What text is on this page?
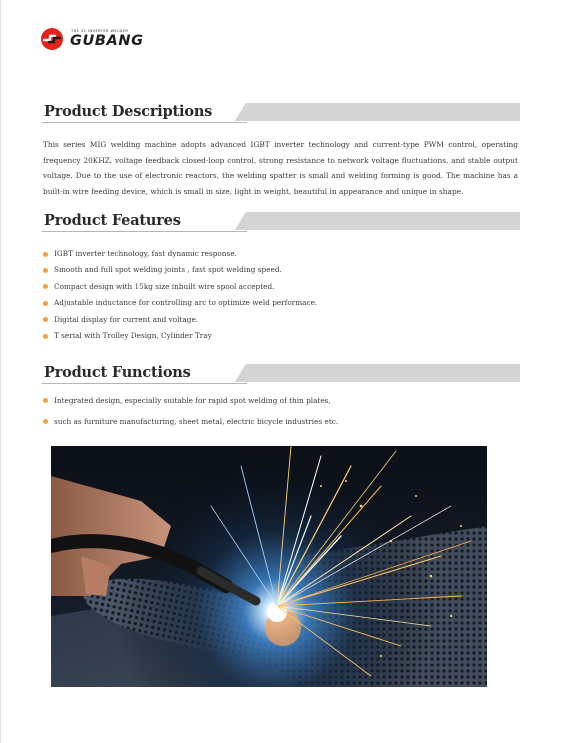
THE 3C INVERTER WELDER
GUBANG
Product Descriptions

This series MIG welding machine adopts advanced IGBT inverter technology and current-type PWM control, operating frequency 20KHZ, voltage feedback closed-loop control, strong resistance to network voltage fluctuations, and stable output voltage. Due to the use of electronic reactors, the welding spatter is small and welding forming is good. The machine has a built-in wire feeding device, which is small in size, light in weight, beautiful in appearance and unique in shape.

Product Features
IGBT inverter technology, fast dynamic response.
Smooth and full spot welding joints , fast spot welding speed.
Compact design with 15kg size inbuilt wire spool accepted.
Adjustable inductance for controlling arc to optimize weld performace.
Digital display for current and voltage.
T serial with Trolley Design, Cylinder Tray
Product Functions
Integrated design, especially suitable for rapid spot welding of thin plates,
such as furniture manufacturing, sheet metal, electric bicycle industries etc.
